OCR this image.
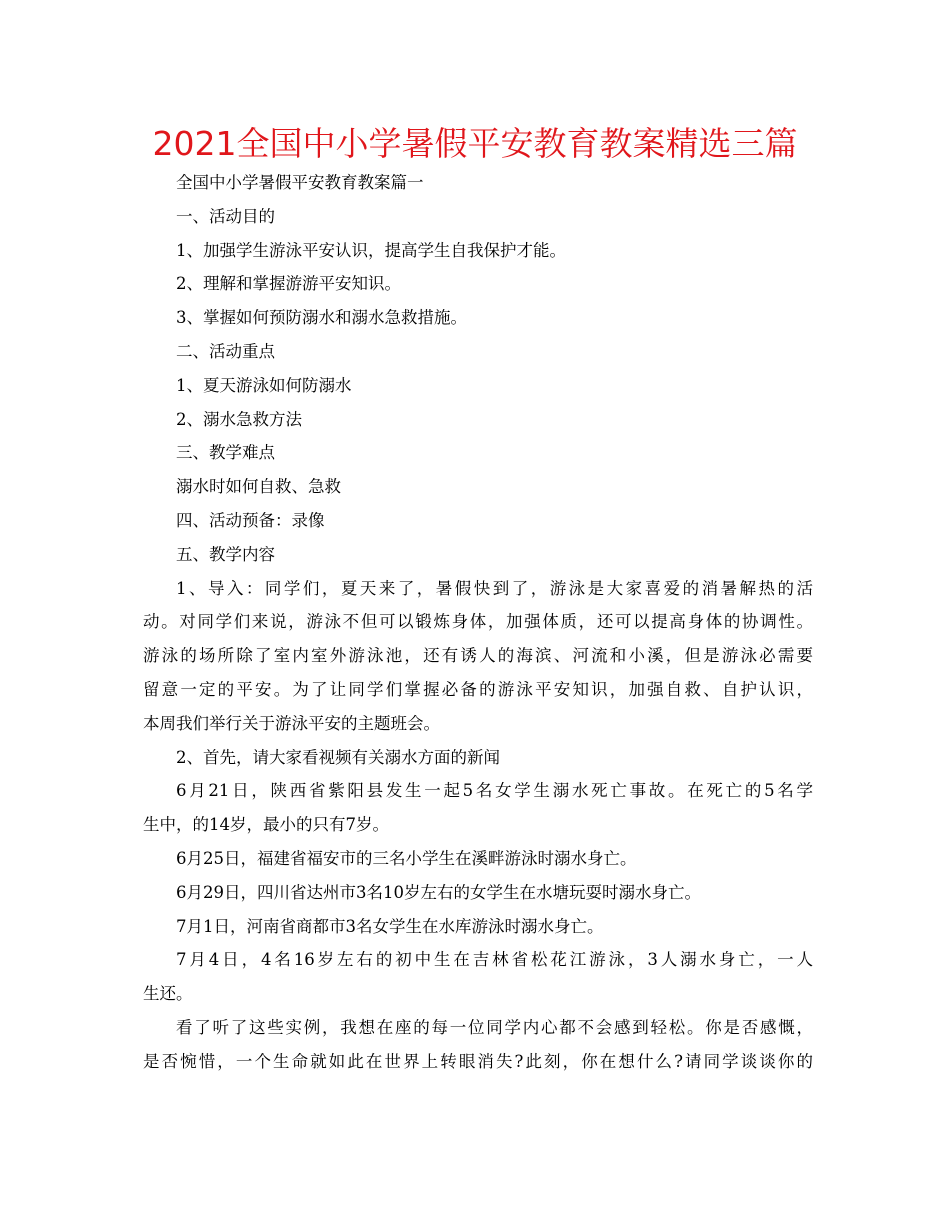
2021全国中小学暑假平安教育教案精选三篇
全国中小学暑假平安教育教案篇一
一、活动目的
1、加强学生游泳平安认识，提高学生自我保护才能。
2、理解和掌握游游平安知识。
3、掌握如何预防溺水和溺水急救措施。
二、活动重点
1、夏天游泳如何防溺水
2、溺水急救方法
三、教学难点
溺水时如何自救、急救
四、活动预备：录像
五、教学内容
1、导入：同学们，夏天来了，暑假快到了，游泳是大家喜爱的消暑解热的活
动。对同学们来说，游泳不但可以锻炼身体，加强体质，还可以提高身体的协调性。
游泳的场所除了室内室外游泳池，还有诱人的海滨、河流和小溪，但是游泳必需要
留意一定的平安。为了让同学们掌握必备的游泳平安知识，加强自救、自护认识，
本周我们举行关于游泳平安的主题班会。
2、首先，请大家看视频有关溺水方面的新闻
6月21日，陕西省紫阳县发生一起5名女学生溺水死亡事故。在死亡的5名学
生中，的14岁，最小的只有7岁。
6月25日，福建省福安市的三名小学生在溪畔游泳时溺水身亡。
6月29日，四川省达州市3名10岁左右的女学生在水塘玩耍时溺水身亡。
7月1日，河南省商都市3名女学生在水库游泳时溺水身亡。
7月4日，4名16岁左右的初中生在吉林省松花江游泳，3人溺水身亡，一人
生还。
看了听了这些实例，我想在座的每一位同学内心都不会感到轻松。你是否感慨，
是否惋惜，一个生命就如此在世界上转眼消失?此刻，你在想什么?请同学谈谈你的
